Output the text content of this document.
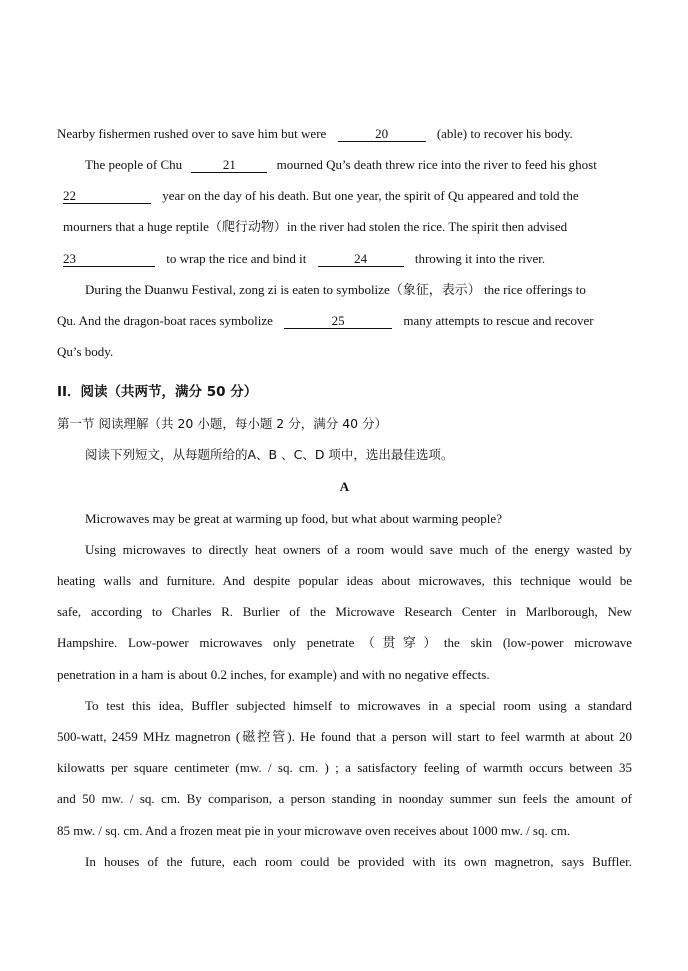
Nearby fishermen rushed over to save him but were	20	(able) to recover his body.
The people of Chu	21	mourned Qu’s death threw rice into the river to feed his ghost
22	year on the day of his death. But one year, the spirit of Qu appeared and told the
mourners that a huge reptile（爬行动物）in the river had stolen the rice. The spirit then advised
23	to wrap the rice and bind it	24	throwing it into the river.
During the Duanwu Festival, zong zi is eaten to symbolize（象征，表示） the rice offerings to
Qu. And the dragon-boat races symbolize	25	many attempts to rescue and recover
Qu’s body.
II．阅读（共两节，满分 50 分）
第一节 阅读理解（共 20 小题，每小题 2 分，满分 40 分）
阅读下列短文，从每题所给的A、B 、C、D 项中，选出最佳选项。
A
Microwaves may be great at warming up food, but what about warming people?
Using microwaves to directly heat owners of a room would save much of the energy wasted by
heating walls and furniture. And despite popular ideas about microwaves, this technique would be
safe, according to Charles R. Burlier of the Microwave Research Center in Marlborough, New
Hampshire. Low-power microwaves only penetrate（贯穿）the skin (low-power microwave
penetration in a ham is about 0.2 inches, for example) and with no negative effects.
To test this idea, Buffler subjected himself to microwaves in a special room using a standard
500-watt, 2459 MHz magnetron (磁控管). He found that a person will start to feel warmth at about 20
kilowatts per square centimeter (mw. / sq. cm. ) ; a satisfactory feeling of warmth occurs between 35
and 50 mw. / sq. cm. By comparison, a person standing in noonday summer sun feels the amount of
85 mw. / sq. cm. And a frozen meat pie in your microwave oven receives about 1000 mw. / sq. cm.
In houses of the future, each room could be provided with its own magnetron, says Buffler.
